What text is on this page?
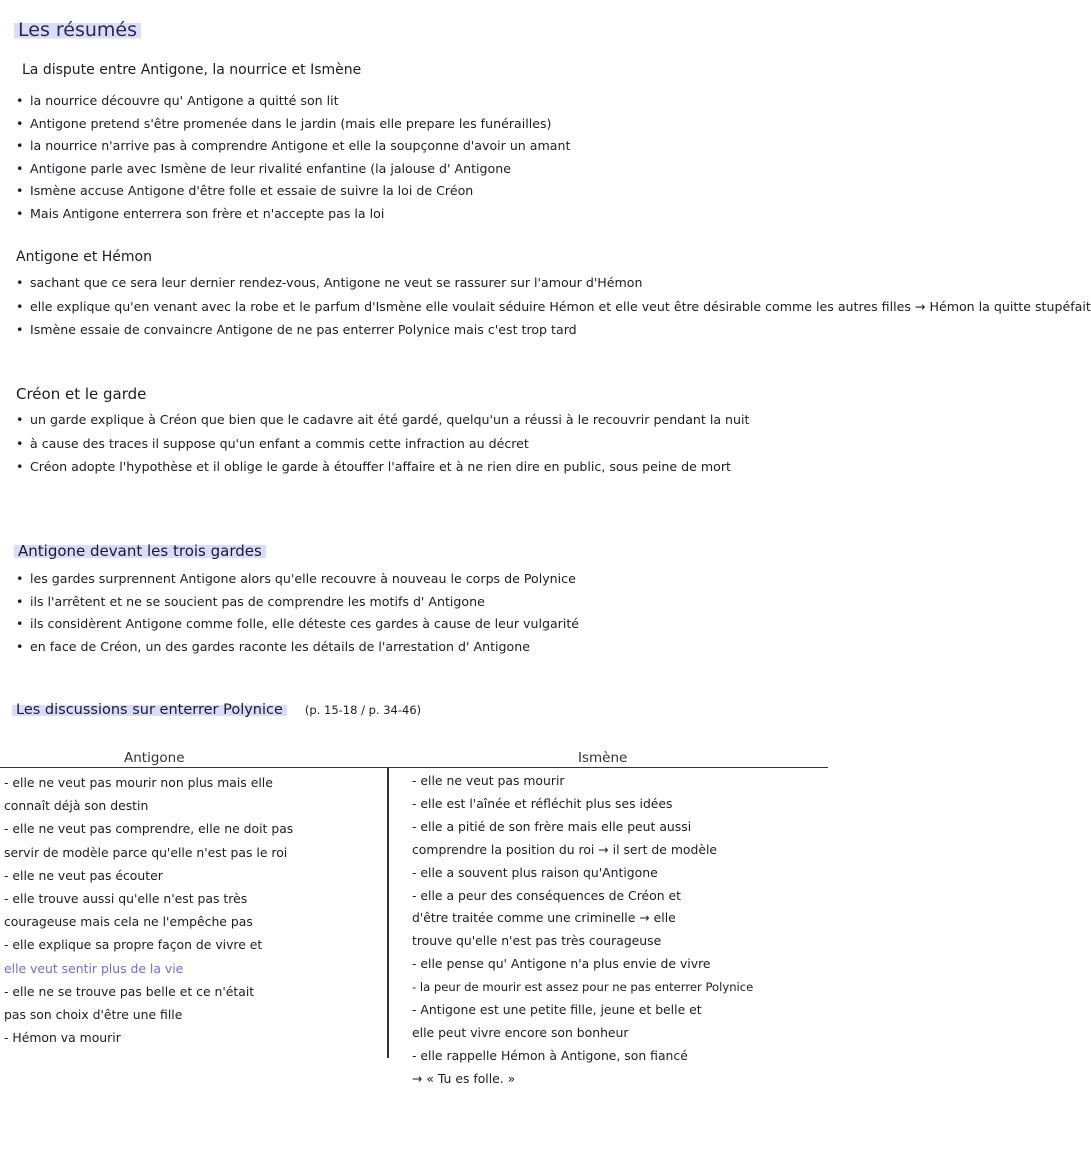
Les résumés
La dispute entre Antigone, la nourrice et Ismène
• la nourrice découvre qu' Antigone a quitté son lit
• Antigone pretend s'être promenée dans le jardin (mais elle prepare les funérailles)
• la nourrice n'arrive pas à comprendre Antigone et elle la soupçonne d'avoir un amant
• Antigone parle avec Ismène de leur rivalité enfantine (la jalouse d' Antigone
• Ismène accuse Antigone d'être folle et essaie de suivre la loi de Créon
• Mais Antigone enterrera son frère et n'accepte pas la loi
Antigone et Hémon
• sachant que ce sera leur dernier rendez-vous, Antigone ne veut se rassurer sur l'amour d'Hémon
• elle explique qu'en venant avec la robe et le parfum d'Ismène elle voulait séduire Hémon et elle veut être désirable comme les autres filles → Hémon la quitte stupéfait
• Ismène essaie de convaincre Antigone de ne pas enterrer Polynice mais c'est trop tard
Créon et le garde
• un garde explique à Créon que bien que le cadavre ait été gardé, quelqu'un a réussi à le recouvrir pendant la nuit
• à cause des traces il suppose qu'un enfant a commis cette infraction au décret
• Créon adopte l'hypothèse et il oblige le garde à étouffer l'affaire et à ne rien dire en public, sous peine de mort
Antigone devant les trois gardes
• les gardes surprennent Antigone alors qu'elle recouvre à nouveau le corps de Polynice
• ils l'arrêtent et ne se soucient pas de comprendre les motifs d' Antigone
• ils considèrent Antigone comme folle, elle déteste ces gardes à cause de leur vulgarité
• en face de Créon, un des gardes raconte les détails de l'arrestation d' Antigone
Les discussions sur enterrer Polynice (p. 15-18 / p. 34-46)
Antigone	Ismène
- elle ne veut pas mourir non plus mais elle
connaît déjà son destin
- elle ne veut pas comprendre, elle ne doit pas
servir de modèle parce qu'elle n'est pas le roi
- elle ne veut pas écouter
- elle trouve aussi qu'elle n'est pas très
courageuse mais cela ne l'empêche pas
- elle explique sa propre façon de vivre et
elle veut sentir plus de la vie
- elle ne se trouve pas belle et ce n'était
pas son choix d'être une fille
- Hémon va mourir
- elle ne veut pas mourir
- elle est l'aînée et réfléchit plus ses idées
- elle a pitié de son frère mais elle peut aussi
comprendre la position du roi → il sert de modèle
- elle a souvent plus raison qu'Antigone
- elle a peur des conséquences de Créon et
d'être traitée comme une criminelle → elle
trouve qu'elle n'est pas très courageuse
- elle pense qu' Antigone n'a plus envie de vivre
- la peur de mourir est assez pour ne pas enterrer Polynice
- Antigone est une petite fille, jeune et belle et
elle peut vivre encore son bonheur
- elle rappelle Hémon à Antigone, son fiancé
→ « Tu es folle. »
